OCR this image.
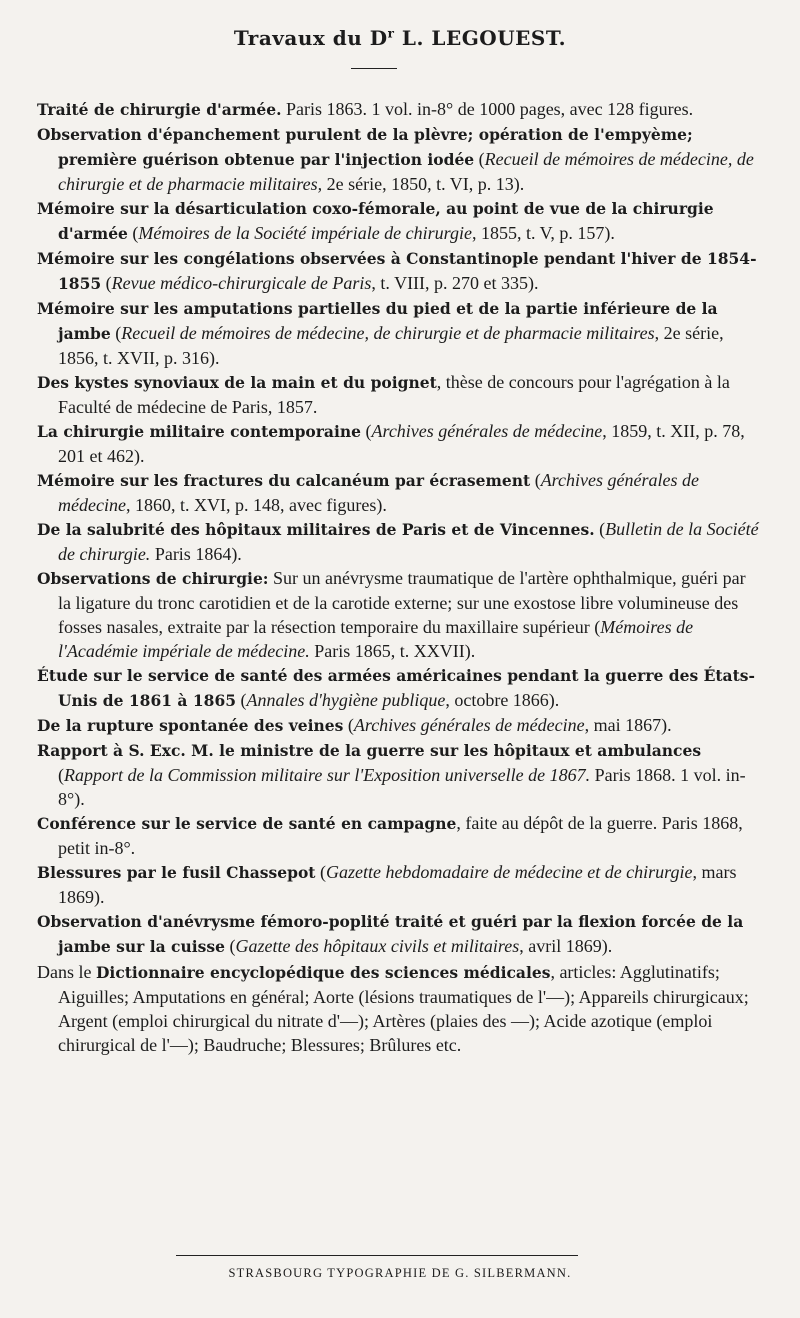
Travaux du $D^r$ L. LEGOUEST.
Traité de chirurgie d'armée. Paris 1863. 1 vol. in-8° de 1000 pages, avec 128 figures.
Observation d'épanchement purulent de la plèvre; opération de l'empyème; première guérison obtenue par l'injection iodée (Recueil de mémoires de médecine, de chirurgie et de pharmacie militaires, 2e série, 1850, t. VI, p. 13).
Mémoire sur la désarticulation coxo-fémorale, au point de vue de la chirurgie d'armée (Mémoires de la Société impériale de chirurgie, 1855, t. V, p. 157).
Mémoire sur les congélations observées à Constantinople pendant l'hiver de 1854-1855 (Revue médico-chirurgicale de Paris, t. VIII, p. 270 et 335).
Mémoire sur les amputations partielles du pied et de la partie inférieure de la jambe (Recueil de mémoires de médecine, de chirurgie et de pharmacie militaires, 2e série, 1856, t. XVII, p. 316).
Des kystes synoviaux de la main et du poignet, thèse de concours pour l'agrégation à la Faculté de médecine de Paris, 1857.
La chirurgie militaire contemporaine (Archives générales de médecine, 1859, t. XII, p. 78, 201 et 462).
Mémoire sur les fractures du calcanéum par écrasement (Archives générales de médecine, 1860, t. XVI, p. 148, avec figures).
De la salubrité des hôpitaux militaires de Paris et de Vincennes. (Bulletin de la Société de chirurgie. Paris 1864).
Observations de chirurgie: Sur un anévrysme traumatique de l'artère ophthalmique, guéri par la ligature du tronc carotidien et de la carotide externe; sur une exostose libre volumineuse des fosses nasales, extraite par la résection temporaire du maxillaire supérieur (Mémoires de l'Académie impériale de médecine. Paris 1865, t. XXVII).
Étude sur le service de santé des armées américaines pendant la guerre des États-Unis de 1861 à 1865 (Annales d'hygiène publique, octobre 1866).
De la rupture spontanée des veines (Archives générales de médecine, mai 1867).
Rapport à S. Exc. M. le ministre de la guerre sur les hôpitaux et ambulances (Rapport de la Commission militaire sur l'Exposition universelle de 1867. Paris 1868. 1 vol. in-8°).
Conférence sur le service de santé en campagne, faite au dépôt de la guerre. Paris 1868, petit in-8°.
Blessures par le fusil Chassepot (Gazette hebdomadaire de médecine et de chirurgie, mars 1869).
Observation d'anévrysme fémoro-poplité traité et guéri par la flexion forcée de la jambe sur la cuisse (Gazette des hôpitaux civils et militaires, avril 1869).
Dans le Dictionnaire encyclopédique des sciences médicales, articles: Agglutinatifs; Aiguilles; Amputations en général; Aorte (lésions traumatiques de l'—); Appareils chirurgicaux; Argent (emploi chirurgical du nitrate d'—); Artères (plaies des —); Acide azotique (emploi chirurgical de l'—); Baudruche; Blessures; Brûlures etc.
STRASBOURG TYPOGRAPHIE DE G. SILBERMANN.
